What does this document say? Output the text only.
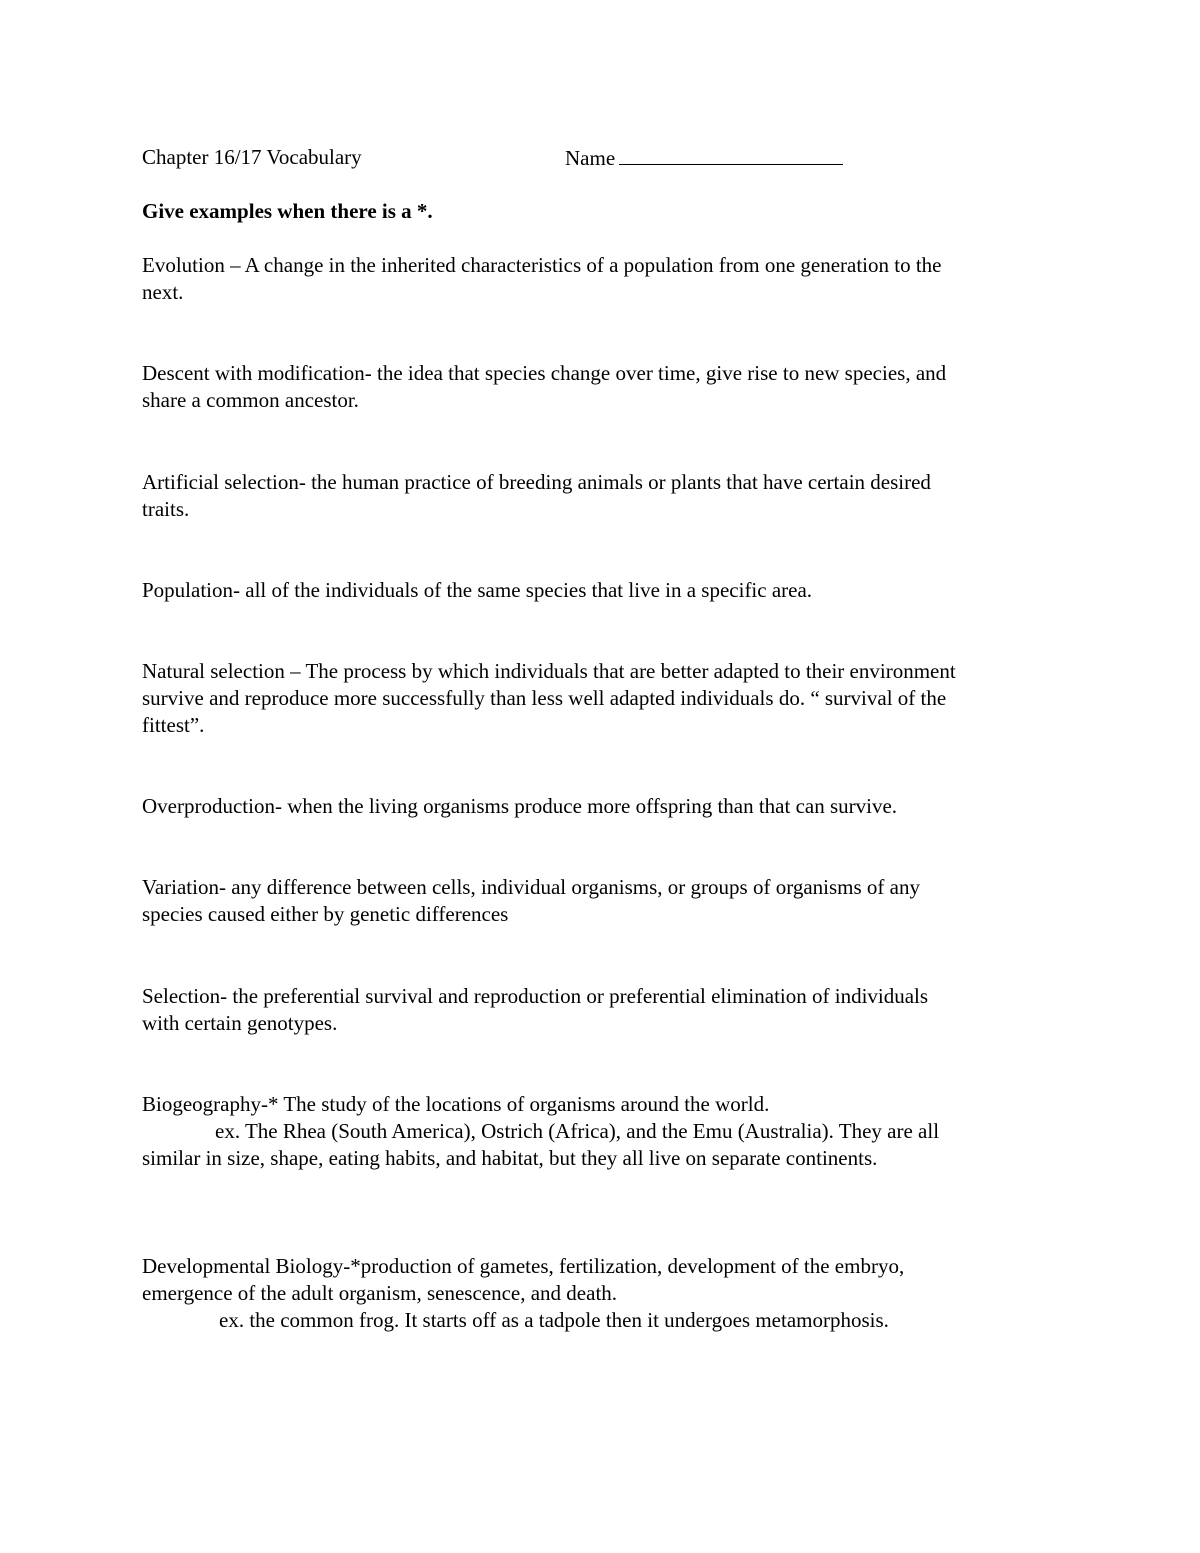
Chapter 16/17 Vocabulary	Name
Give examples when there is a *.
Evolution – A change in the inherited characteristics of a population from one generation to the
next.
Descent with modification- the idea that species change over time, give rise to new species, and
share a common ancestor.
Artificial selection- the human practice of breeding animals or plants that have certain desired
traits.
Population- all of the individuals of the same species that live in a specific area.
Natural selection – The process by which individuals that are better adapted to their environment
survive and reproduce more successfully than less well adapted individuals do. “ survival of the
fittest”.
Overproduction- when the living organisms produce more offspring than that can survive.
Variation- any difference between cells, individual organisms, or groups of organisms of any
species caused either by genetic differences
Selection- the preferential survival and reproduction or preferential elimination of individuals
with certain genotypes.
Biogeography-* The study of the locations of organisms around the world.
ex. The Rhea (South America), Ostrich (Africa), and the Emu (Australia). They are all
similar in size, shape, eating habits, and habitat, but they all live on separate continents.
Developmental Biology-*production of gametes, fertilization, development of the embryo,
emergence of the adult organism, senescence, and death.
ex. the common frog. It starts off as a tadpole then it undergoes metamorphosis.
